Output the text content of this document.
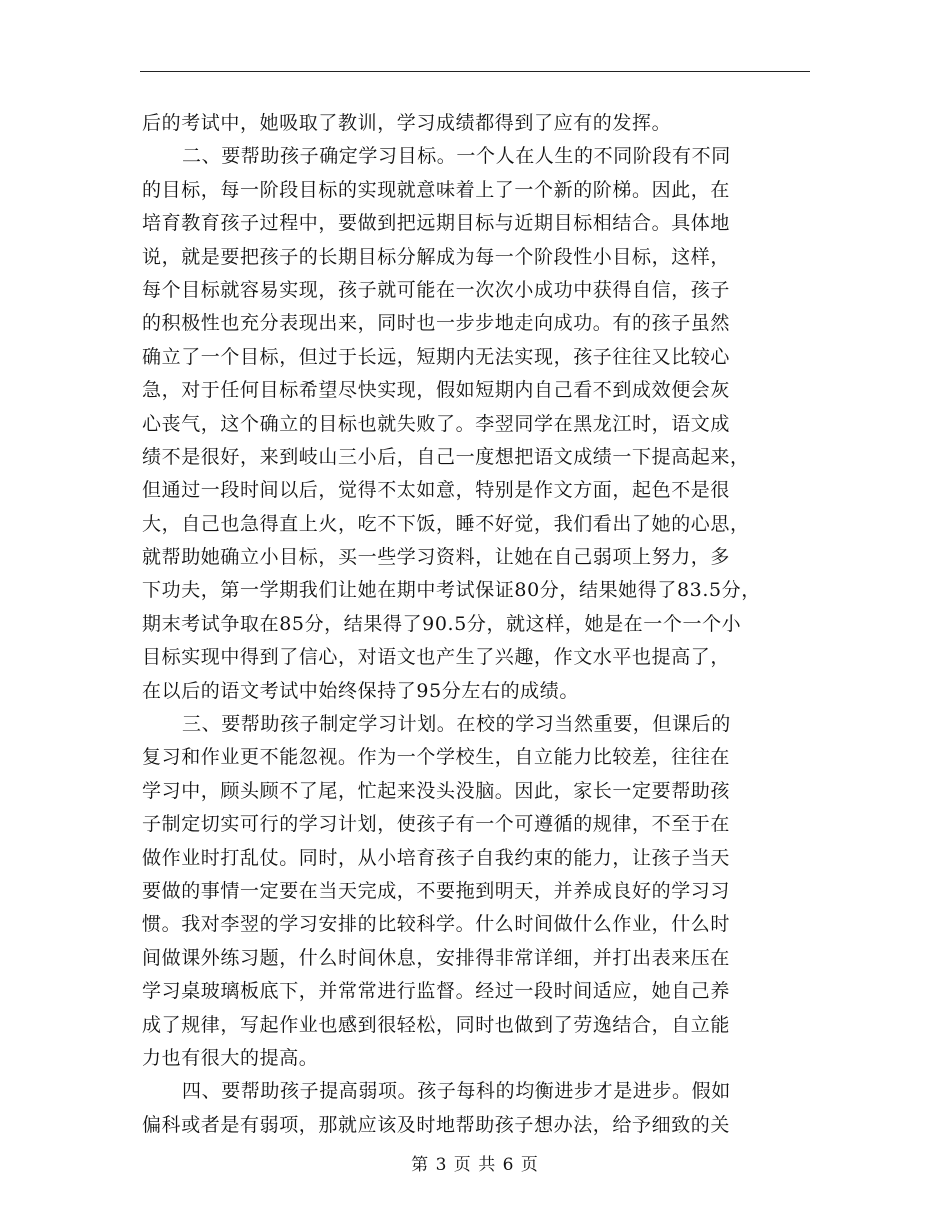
后的考试中，她吸取了教训，学习成绩都得到了应有的发挥。
二、要帮助孩子确定学习目标。一个人在人生的不同阶段有不同
的目标，每一阶段目标的实现就意味着上了一个新的阶梯。因此，在
培育教育孩子过程中，要做到把远期目标与近期目标相结合。具体地
说，就是要把孩子的长期目标分解成为每一个阶段性小目标，这样，
每个目标就容易实现，孩子就可能在一次次小成功中获得自信，孩子
的积极性也充分表现出来，同时也一步步地走向成功。有的孩子虽然
确立了一个目标，但过于长远，短期内无法实现，孩子往往又比较心
急，对于任何目标希望尽快实现，假如短期内自己看不到成效便会灰
心丧气，这个确立的目标也就失败了。李翌同学在黑龙江时，语文成
绩不是很好，来到岐山三小后，自己一度想把语文成绩一下提高起来，
但通过一段时间以后，觉得不太如意，特别是作文方面，起色不是很
大，自己也急得直上火，吃不下饭，睡不好觉，我们看出了她的心思，
就帮助她确立小目标，买一些学习资料，让她在自己弱项上努力，多
下功夫，第一学期我们让她在期中考试保证80分，结果她得了83.5分，
期末考试争取在85分，结果得了90.5分，就这样，她是在一个一个小
目标实现中得到了信心，对语文也产生了兴趣，作文水平也提高了，
在以后的语文考试中始终保持了95分左右的成绩。
三、要帮助孩子制定学习计划。在校的学习当然重要，但课后的
复习和作业更不能忽视。作为一个学校生，自立能力比较差，往往在
学习中，顾头顾不了尾，忙起来没头没脑。因此，家长一定要帮助孩
子制定切实可行的学习计划，使孩子有一个可遵循的规律，不至于在
做作业时打乱仗。同时，从小培育孩子自我约束的能力，让孩子当天
要做的事情一定要在当天完成，不要拖到明天，并养成良好的学习习
惯。我对李翌的学习安排的比较科学。什么时间做什么作业，什么时
间做课外练习题，什么时间休息，安排得非常详细，并打出表来压在
学习桌玻璃板底下，并常常进行监督。经过一段时间适应，她自己养
成了规律，写起作业也感到很轻松，同时也做到了劳逸结合，自立能
力也有很大的提高。
四、要帮助孩子提高弱项。孩子每科的均衡进步才是进步。假如
偏科或者是有弱项，那就应该及时地帮助孩子想办法，给予细致的关
第 3 页 共 6 页
